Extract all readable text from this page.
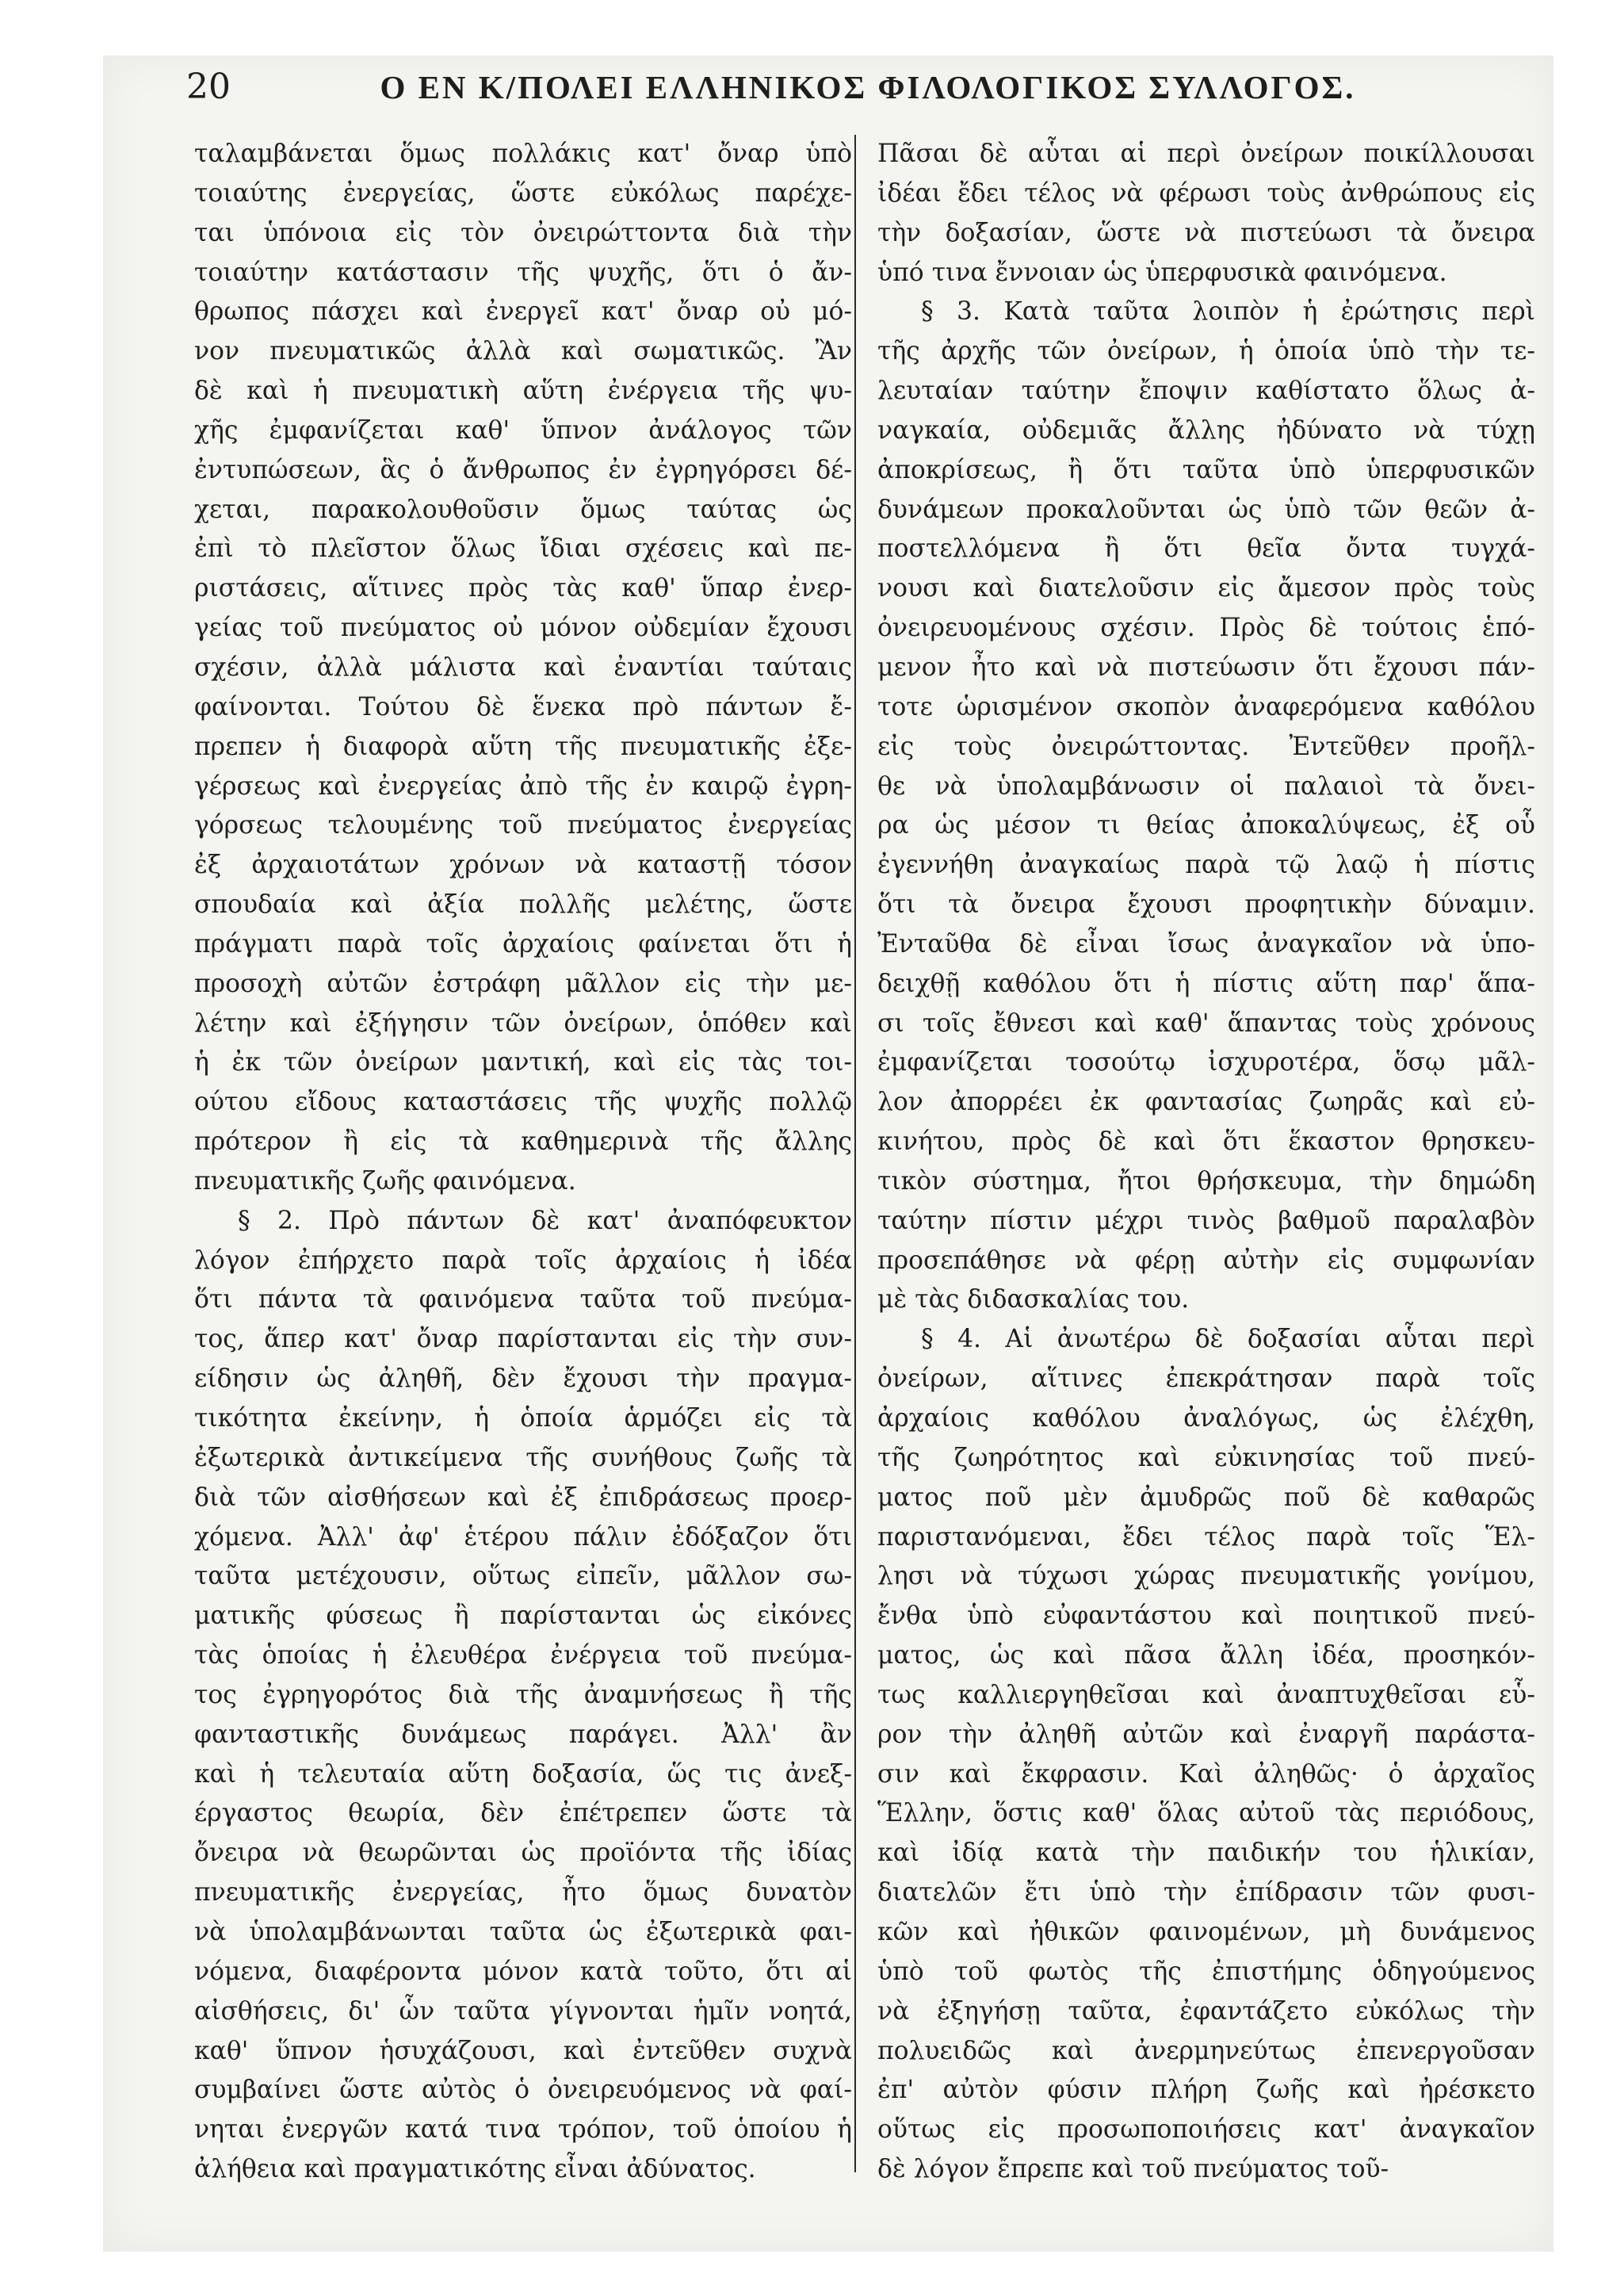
20	Ο ΕΝ Κ/ΠΟΛΕΙ ΕΛΛΗΝΙΚΟΣ ΦΙΛΟΛΟΓΙΚΟΣ ΣΥΛΛΟΓΟΣ.
ταλαμβάνεται ὅμως πολλάκις κατ' ὄναρ ὑπὸ
τοιαύτης ἐνεργείας, ὥστε εὐκόλως παρέχε-
ται ὑπόνοια εἰς τὸν ὀνειρώττοντα διὰ τὴν
τοιαύτην κατάστασιν τῆς ψυχῆς, ὅτι ὁ ἄν-
θρωπος πάσχει καὶ ἐνεργεῖ κατ' ὄναρ οὐ μό-
νον πνευματικῶς ἀλλὰ καὶ σωματικῶς. Ἂν
δὲ καὶ ἡ πνευματικὴ αὕτη ἐνέργεια τῆς ψυ-
χῆς ἐμφανίζεται καθ' ὕπνον ἀνάλογος τῶν
ἐντυπώσεων, ἃς ὁ ἄνθρωπος ἐν ἐγρηγόρσει δέ-
χεται, παρακολουθοῦσιν ὅμως ταύτας ὡς
ἐπὶ τὸ πλεῖστον ὅλως ἴδιαι σχέσεις καὶ πε-
ριστάσεις, αἵτινες πρὸς τὰς καθ' ὕπαρ ἐνερ-
γείας τοῦ πνεύματος οὐ μόνον οὐδεμίαν ἔχουσι
σχέσιν, ἀλλὰ μάλιστα καὶ ἐναντίαι ταύταις
φαίνονται. Τούτου δὲ ἕνεκα πρὸ πάντων ἔ-
πρεπεν ἡ διαφορὰ αὕτη τῆς πνευματικῆς ἐξε-
γέρσεως καὶ ἐνεργείας ἀπὸ τῆς ἐν καιρῷ ἐγρη-
γόρσεως τελουμένης τοῦ πνεύματος ἐνεργείας
ἐξ ἀρχαιοτάτων χρόνων νὰ καταστῇ τόσον
σπουδαία καὶ ἀξία πολλῆς μελέτης, ὥστε
πράγματι παρὰ τοῖς ἀρχαίοις φαίνεται ὅτι ἡ
προσοχὴ αὐτῶν ἐστράφη μᾶλλον εἰς τὴν με-
λέτην καὶ ἐξήγησιν τῶν ὀνείρων, ὁπόθεν καὶ
ἡ ἐκ τῶν ὀνείρων μαντική, καὶ εἰς τὰς τοι-
ούτου εἴδους καταστάσεις τῆς ψυχῆς πολλῷ
πρότερον ἢ εἰς τὰ καθημερινὰ τῆς ἄλλης
πνευματικῆς ζωῆς φαινόμενα.
§ 2. Πρὸ πάντων δὲ κατ' ἀναπόφευκτον
λόγον ἐπήρχετο παρὰ τοῖς ἀρχαίοις ἡ ἰδέα
ὅτι πάντα τὰ φαινόμενα ταῦτα τοῦ πνεύμα-
τος, ἅπερ κατ' ὄναρ παρίστανται εἰς τὴν συν-
είδησιν ὡς ἀληθῆ, δὲν ἔχουσι τὴν πραγμα-
τικότητα ἐκείνην, ἡ ὁποία ἁρμόζει εἰς τὰ
ἐξωτερικὰ ἀντικείμενα τῆς συνήθους ζωῆς τὰ
διὰ τῶν αἰσθήσεων καὶ ἐξ ἐπιδράσεως προερ-
χόμενα. Ἀλλ' ἀφ' ἑτέρου πάλιν ἐδόξαζον ὅτι
ταῦτα μετέχουσιν, οὕτως εἰπεῖν, μᾶλλον σω-
ματικῆς φύσεως ἢ παρίστανται ὡς εἰκόνες
τὰς ὁποίας ἡ ἐλευθέρα ἐνέργεια τοῦ πνεύμα-
τος ἐγρηγορότος διὰ τῆς ἀναμνήσεως ἢ τῆς
φανταστικῆς δυνάμεως παράγει. Ἀλλ' ἂν
καὶ ἡ τελευταία αὕτη δοξασία, ὥς τις ἀνεξ-
έργαστος θεωρία, δὲν ἐπέτρεπεν ὥστε τὰ
ὄνειρα νὰ θεωρῶνται ὡς προϊόντα τῆς ἰδίας
πνευματικῆς ἐνεργείας, ἦτο ὅμως δυνατὸν
νὰ ὑπολαμβάνωνται ταῦτα ὡς ἐξωτερικὰ φαι-
νόμενα, διαφέροντα μόνον κατὰ τοῦτο, ὅτι αἱ
αἰσθήσεις, δι' ὧν ταῦτα γίγνονται ἡμῖν νοητά,
καθ' ὕπνον ἡσυχάζουσι, καὶ ἐντεῦθεν συχνὰ
συμβαίνει ὥστε αὐτὸς ὁ ὀνειρευόμενος νὰ φαί-
νηται ἐνεργῶν κατά τινα τρόπον, τοῦ ὁποίου ἡ
ἀλήθεια καὶ πραγματικότης εἶναι ἀδύνατος.
Πᾶσαι δὲ αὗται αἱ περὶ ὀνείρων ποικίλλουσαι
ἰδέαι ἔδει τέλος νὰ φέρωσι τοὺς ἀνθρώπους εἰς
τὴν δοξασίαν, ὥστε νὰ πιστεύωσι τὰ ὄνειρα
ὑπό τινα ἔννοιαν ὡς ὑπερφυσικὰ φαινόμενα.
§ 3. Κατὰ ταῦτα λοιπὸν ἡ ἐρώτησις περὶ
τῆς ἀρχῆς τῶν ὀνείρων, ἡ ὁποία ὑπὸ τὴν τε-
λευταίαν ταύτην ἔποψιν καθίστατο ὅλως ἀ-
ναγκαία, οὐδεμιᾶς ἄλλης ἠδύνατο νὰ τύχῃ
ἀποκρίσεως, ἢ ὅτι ταῦτα ὑπὸ ὑπερφυσικῶν
δυνάμεων προκαλοῦνται ὡς ὑπὸ τῶν θεῶν ἀ-
ποστελλόμενα ἢ ὅτι θεῖα ὄντα τυγχά-
νουσι καὶ διατελοῦσιν εἰς ἄμεσον πρὸς τοὺς
ὀνειρευομένους σχέσιν. Πρὸς δὲ τούτοις ἑπό-
μενον ἦτο καὶ νὰ πιστεύωσιν ὅτι ἔχουσι πάν-
τοτε ὡρισμένον σκοπὸν ἀναφερόμενα καθόλου
εἰς τοὺς ὀνειρώττοντας. Ἐντεῦθεν προῆλ-
θε νὰ ὑπολαμβάνωσιν οἱ παλαιοὶ τὰ ὄνει-
ρα ὡς μέσον τι θείας ἀποκαλύψεως, ἐξ οὗ
ἐγεννήθη ἀναγκαίως παρὰ τῷ λαῷ ἡ πίστις
ὅτι τὰ ὄνειρα ἔχουσι προφητικὴν δύναμιν.
Ἐνταῦθα δὲ εἶναι ἴσως ἀναγκαῖον νὰ ὑπο-
δειχθῇ καθόλου ὅτι ἡ πίστις αὕτη παρ' ἅπα-
σι τοῖς ἔθνεσι καὶ καθ' ἅπαντας τοὺς χρόνους
ἐμφανίζεται τοσούτῳ ἰσχυροτέρα, ὅσῳ μᾶλ-
λον ἀπορρέει ἐκ φαντασίας ζωηρᾶς καὶ εὐ-
κινήτου, πρὸς δὲ καὶ ὅτι ἕκαστον θρησκευ-
τικὸν σύστημα, ἤτοι θρήσκευμα, τὴν δημώδη
ταύτην πίστιν μέχρι τινὸς βαθμοῦ παραλαβὸν
προσεπάθησε νὰ φέρῃ αὐτὴν εἰς συμφωνίαν
μὲ τὰς διδασκαλίας του.
§ 4. Αἱ ἀνωτέρω δὲ δοξασίαι αὗται περὶ
ὀνείρων, αἵτινες ἐπεκράτησαν παρὰ τοῖς
ἀρχαίοις καθόλου ἀναλόγως, ὡς ἐλέχθη,
τῆς ζωηρότητος καὶ εὐκινησίας τοῦ πνεύ-
ματος ποῦ μὲν ἀμυδρῶς ποῦ δὲ καθαρῶς
παριστανόμεναι, ἔδει τέλος παρὰ τοῖς Ἕλ-
λησι νὰ τύχωσι χώρας πνευματικῆς γονίμου,
ἔνθα ὑπὸ εὐφαντάστου καὶ ποιητικοῦ πνεύ-
ματος, ὡς καὶ πᾶσα ἄλλη ἰδέα, προσηκόν-
τως καλλιεργηθεῖσαι καὶ ἀναπτυχθεῖσαι εὗ-
ρον τὴν ἀληθῆ αὐτῶν καὶ ἐναργῆ παράστα-
σιν καὶ ἔκφρασιν. Καὶ ἀληθῶς· ὁ ἀρχαῖος
Ἕλλην, ὅστις καθ' ὅλας αὐτοῦ τὰς περιόδους,
καὶ ἰδίᾳ κατὰ τὴν παιδικήν του ἡλικίαν,
διατελῶν ἔτι ὑπὸ τὴν ἐπίδρασιν τῶν φυσι-
κῶν καὶ ἠθικῶν φαινομένων, μὴ δυνάμενος
ὑπὸ τοῦ φωτὸς τῆς ἐπιστήμης ὁδηγούμενος
νὰ ἐξηγήσῃ ταῦτα, ἐφαντάζετο εὐκόλως τὴν
πολυειδῶς καὶ ἀνερμηνεύτως ἐπενεργοῦσαν
ἐπ' αὐτὸν φύσιν πλήρη ζωῆς καὶ ἠρέσκετο
οὕτως εἰς προσωποποιήσεις κατ' ἀναγκαῖον
δὲ λόγον ἔπρεπε καὶ τοῦ πνεύματος τοῦ-
